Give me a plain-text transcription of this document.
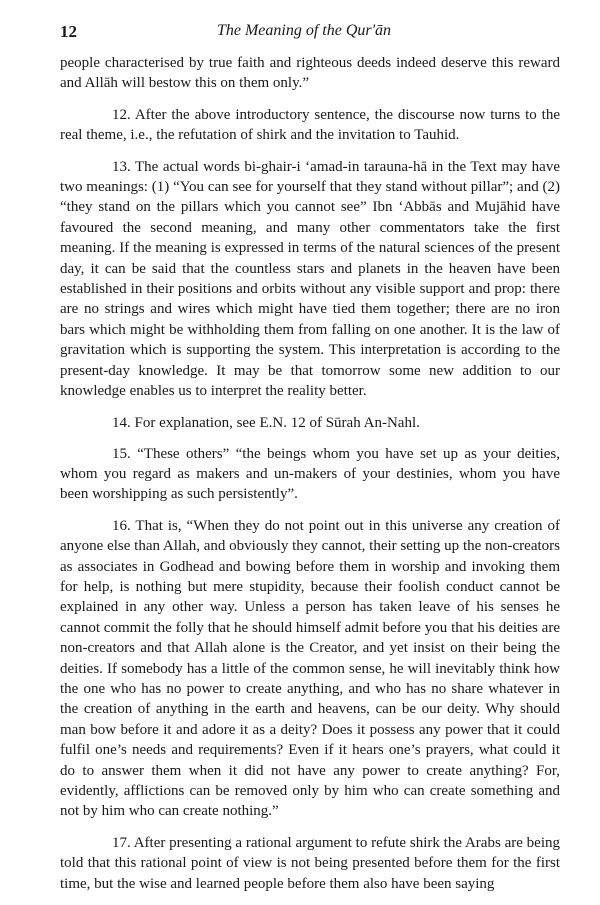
12	The Meaning of the Qur'ān

people characterised by true faith and righteous deeds indeed deserve this reward and Allāh will bestow this on them only.”

12. After the above introductory sentence, the discourse now turns to the real theme, i.e., the refutation of shirk and the invitation to Tauhid.

13. The actual words bi-ghair-i ‘amad-in tarauna-hā in the Text may have two meanings: (1) “You can see for yourself that they stand without pillar”; and (2) “they stand on the pillars which you cannot see” Ibn ‘Abbās and Mujāhid have favoured the second meaning, and many other commentators take the first meaning. If the meaning is expressed in terms of the natural sciences of the present day, it can be said that the countless stars and planets in the heaven have been established in their positions and orbits without any visible support and prop: there are no strings and wires which might have tied them together; there are no iron bars which might be withholding them from falling on one another. It is the law of gravitation which is supporting the system. This interpretation is according to the present-day knowledge. It may be that tomorrow some new addition to our knowledge enables us to interpret the reality better.

14. For explanation, see E.N. 12 of Sūrah An-Nahl.

15. “These others” “the beings whom you have set up as your deities, whom you regard as makers and un-makers of your destinies, whom you have been worshipping as such persistently”.

16. That is, “When they do not point out in this universe any creation of anyone else than Allah, and obviously they cannot, their setting up the non-creators as associates in Godhead and bowing before them in worship and invoking them for help, is nothing but mere stupidity, because their foolish conduct cannot be explained in any other way. Unless a person has taken leave of his senses he cannot commit the folly that he should himself admit before you that his deities are non-creators and that Allah alone is the Creator, and yet insist on their being the deities. If somebody has a little of the common sense, he will inevitably think how the one who has no power to create anything, and who has no share whatever in the creation of anything in the earth and heavens, can be our deity. Why should man bow before it and adore it as a deity? Does it possess any power that it could fulfil one’s needs and requirements? Even if it hears one’s prayers, what could it do to answer them when it did not have any power to create anything? For, evidently, afflictions can be removed only by him who can create something and not by him who can create nothing.”

17. After presenting a rational argument to refute shirk the Arabs are being told that this rational point of view is not being presented before them for the first time, but the wise and learned people before them also have been saying
